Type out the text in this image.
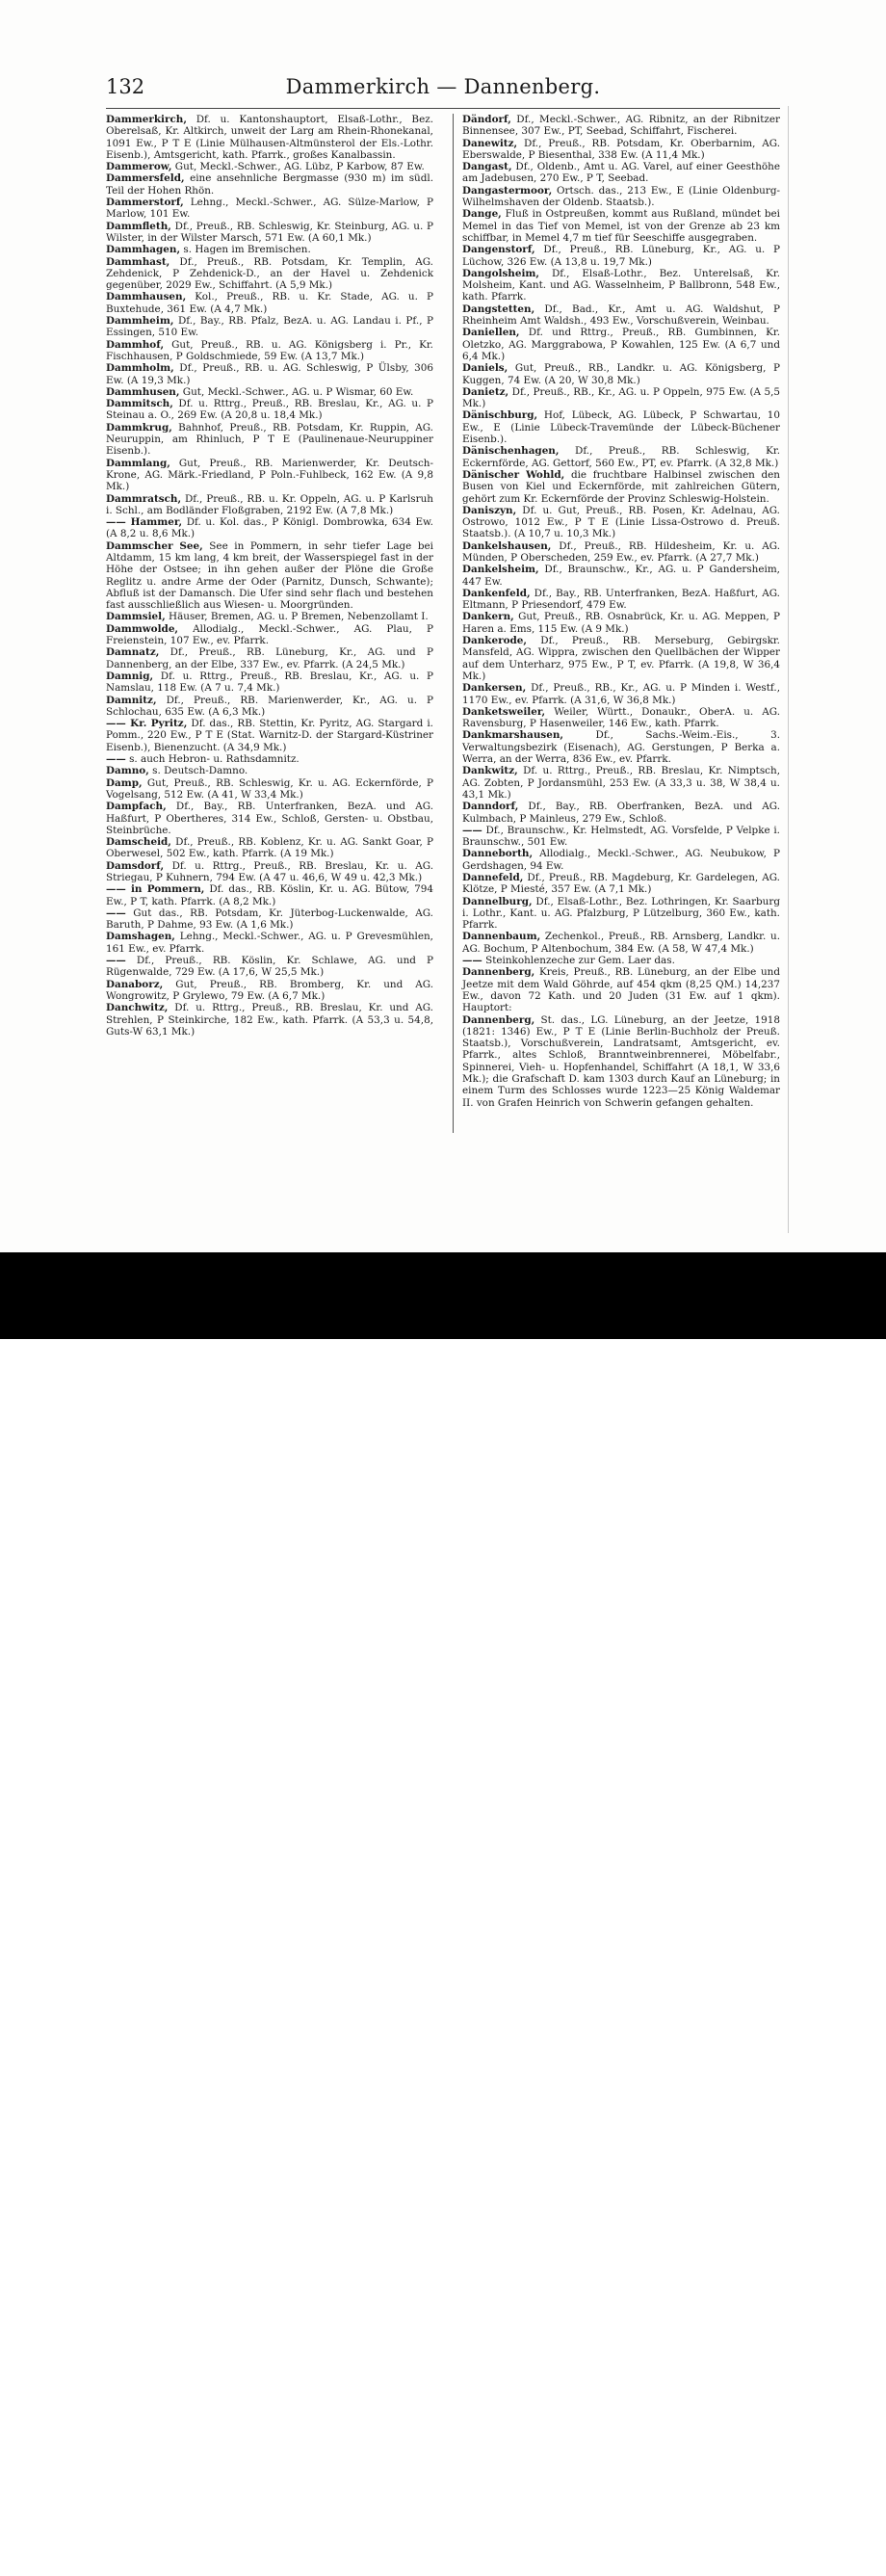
132	Dammerkirch — Dannenberg.

Dammerkirch, Df. u. Kantonshauptort, Elsaß-Lothr., Bez. Oberelsaß, Kr. Altkirch, unweit der Larg am Rhein-Rhonekanal, 1091 Ew., P T E (Linie Mülhausen-Altmünsterol der Els.-Lothr. Eisenb.), Amtsgericht, kath. Pfarrk., großes Kanalbassin.

Dammerow, Gut, Meckl.-Schwer., AG. Lübz, P Karbow, 87 Ew.

Dammersfeld, eine ansehnliche Bergmasse (930 m) im südl. Teil der Hohen Rhön.

Dammerstorf, Lehng., Meckl.-Schwer., AG. Sülze-Marlow, P Marlow, 101 Ew.

Dammfleth, Df., Preuß., RB. Schleswig, Kr. Steinburg, AG. u. P Wilster, in der Wilster Marsch, 571 Ew. (A 60,1 Mk.)

Dammhagen, s. Hagen im Bremischen.

Dammhast, Df., Preuß., RB. Potsdam, Kr. Templin, AG. Zehdenick, P Zehdenick-D., an der Havel u. Zehdenick gegenüber, 2029 Ew., Schiffahrt. (A 5,9 Mk.)

Dammhausen, Kol., Preuß., RB. u. Kr. Stade, AG. u. P Buxtehude, 361 Ew. (A 4,7 Mk.)

Dammheim, Df., Bay., RB. Pfalz, BezA. u. AG. Landau i. Pf., P Essingen, 510 Ew.

Dammhof, Gut, Preuß., RB. u. AG. Königsberg i. Pr., Kr. Fischhausen, P Goldschmiede, 59 Ew. (A 13,7 Mk.)

Dammholm, Df., Preuß., RB. u. AG. Schleswig, P Ülsby, 306 Ew. (A 19,3 Mk.)

Dammhusen, Gut, Meckl.-Schwer., AG. u. P Wismar, 60 Ew.

Dammitsch, Df. u. Rttrg., Preuß., RB. Breslau, Kr., AG. u. P Steinau a. O., 269 Ew. (A 20,8 u. 18,4 Mk.)

Dammkrug, Bahnhof, Preuß., RB. Potsdam, Kr. Ruppin, AG. Neuruppin, am Rhinluch, P T E (Paulinenaue-Neuruppiner Eisenb.).

Dammlang, Gut, Preuß., RB. Marienwerder, Kr. Deutsch-Krone, AG. Märk.-Friedland, P Poln.-Fuhlbeck, 162 Ew. (A 9,8 Mk.)

Dammratsch, Df., Preuß., RB. u. Kr. Oppeln, AG. u. P Karlsruh i. Schl., am Bodländer Floßgraben, 2192 Ew. (A 7,8 Mk.)

—— Hammer, Df. u. Kol. das., P Königl. Dombrowka, 634 Ew. (A 8,2 u. 8,6 Mk.)

Dammscher See, See in Pommern, in sehr tiefer Lage bei Altdamm, 15 km lang, 4 km breit, der Wasserspiegel fast in der Höhe der Ostsee; in ihn gehen außer der Plöne die Große Reglitz u. andre Arme der Oder (Parnitz, Dunsch, Schwante); Abfluß ist der Damansch. Die Ufer sind sehr flach und bestehen fast ausschließlich aus Wiesen- u. Moorgründen.

Dammsiel, Häuser, Bremen, AG. u. P Bremen, Nebenzollamt I.

Dammwolde, Allodialg., Meckl.-Schwer., AG. Plau, P Freienstein, 107 Ew., ev. Pfarrk.

Damnatz, Df., Preuß., RB. Lüneburg, Kr., AG. und P Dannenberg, an der Elbe, 337 Ew., ev. Pfarrk. (A 24,5 Mk.)

Damnig, Df. u. Rttrg., Preuß., RB. Breslau, Kr., AG. u. P Namslau, 118 Ew. (A 7 u. 7,4 Mk.)

Damnitz, Df., Preuß., RB. Marienwerder, Kr., AG. u. P Schlochau, 635 Ew. (A 6,3 Mk.)

—— Kr. Pyritz, Df. das., RB. Stettin, Kr. Pyritz, AG. Stargard i. Pomm., 220 Ew., P T E (Stat. Warnitz-D. der Stargard-Küstriner Eisenb.), Bienenzucht. (A 34,9 Mk.)

—— s. auch Hebron- u. Rathsdamnitz.

Damno, s. Deutsch-Damno.

Damp, Gut, Preuß., RB. Schleswig, Kr. u. AG. Eckernförde, P Vogelsang, 512 Ew. (A 41, W 33,4 Mk.)

Dampfach, Df., Bay., RB. Unterfranken, BezA. und AG. Haßfurt, P Obertheres, 314 Ew., Schloß, Gersten- u. Obstbau, Steinbrüche.

Damscheid, Df., Preuß., RB. Koblenz, Kr. u. AG. Sankt Goar, P Oberwesel, 502 Ew., kath. Pfarrk. (A 19 Mk.)

Damsdorf, Df. u. Rttrg., Preuß., RB. Breslau, Kr. u. AG. Striegau, P Kuhnern, 794 Ew. (A 47 u. 46,6, W 49 u. 42,3 Mk.)

—— in Pommern, Df. das., RB. Köslin, Kr. u. AG. Bütow, 794 Ew., P T, kath. Pfarrk. (A 8,2 Mk.)

—— Gut das., RB. Potsdam, Kr. Jüterbog-Luckenwalde, AG. Baruth, P Dahme, 93 Ew. (A 1,6 Mk.)

Damshagen, Lehng., Meckl.-Schwer., AG. u. P Grevesmühlen, 161 Ew., ev. Pfarrk.

—— Df., Preuß., RB. Köslin, Kr. Schlawe, AG. und P Rügenwalde, 729 Ew. (A 17,6, W 25,5 Mk.)

Danaborz, Gut, Preuß., RB. Bromberg, Kr. und AG. Wongrowitz, P Grylewo, 79 Ew. (A 6,7 Mk.)

Danchwitz, Df. u. Rttrg., Preuß., RB. Breslau, Kr. und AG. Strehlen, P Steinkirche, 182 Ew., kath. Pfarrk. (A 53,3 u. 54,8, Guts-W 63,1 Mk.)

Dändorf, Df., Meckl.-Schwer., AG. Ribnitz, an der Ribnitzer Binnensee, 307 Ew., PT, Seebad, Schiffahrt, Fischerei.

Danewitz, Df., Preuß., RB. Potsdam, Kr. Oberbarnim, AG. Eberswalde, P Biesenthal, 338 Ew. (A 11,4 Mk.)

Dangast, Df., Oldenb., Amt u. AG. Varel, auf einer Geesthöhe am Jadebusen, 270 Ew., P T, Seebad.

Dangastermoor, Ortsch. das., 213 Ew., E (Linie Oldenburg-Wilhelmshaven der Oldenb. Staatsb.).

Dange, Fluß in Ostpreußen, kommt aus Rußland, mündet bei Memel in das Tief von Memel, ist von der Grenze ab 23 km schiffbar, in Memel 4,7 m tief für Seeschiffe ausgegraben.

Dangenstorf, Df., Preuß., RB. Lüneburg, Kr., AG. u. P Lüchow, 326 Ew. (A 13,8 u. 19,7 Mk.)

Dangolsheim, Df., Elsaß-Lothr., Bez. Unterelsaß, Kr. Molsheim, Kant. und AG. Wasselnheim, P Ballbronn, 548 Ew., kath. Pfarrk.

Dangstetten, Df., Bad., Kr., Amt u. AG. Waldshut, P Rheinheim Amt Waldsh., 493 Ew., Vorschußverein, Weinbau.

Daniellen, Df. und Rttrg., Preuß., RB. Gumbinnen, Kr. Oletzko, AG. Marggrabowa, P Kowahlen, 125 Ew. (A 6,7 und 6,4 Mk.)

Daniels, Gut, Preuß., RB., Landkr. u. AG. Königsberg, P Kuggen, 74 Ew. (A 20, W 30,8 Mk.)

Danietz, Df., Preuß., RB., Kr., AG. u. P Oppeln, 975 Ew. (A 5,5 Mk.)

Dänischburg, Hof, Lübeck, AG. Lübeck, P Schwartau, 10 Ew., E (Linie Lübeck-Travemünde der Lübeck-Büchener Eisenb.).

Dänischenhagen, Df., Preuß., RB. Schleswig, Kr. Eckernförde, AG. Gettorf, 560 Ew., PT, ev. Pfarrk. (A 32,8 Mk.)

Dänischer Wohld, die fruchtbare Halbinsel zwischen den Busen von Kiel und Eckernförde, mit zahlreichen Gütern, gehört zum Kr. Eckernförde der Provinz Schleswig-Holstein.

Daniszyn, Df. u. Gut, Preuß., RB. Posen, Kr. Adelnau, AG. Ostrowo, 1012 Ew., P T E (Linie Lissa-Ostrowo d. Preuß. Staatsb.). (A 10,7 u. 10,3 Mk.)

Dankelshausen, Df., Preuß., RB. Hildesheim, Kr. u. AG. Münden, P Oberscheden, 259 Ew., ev. Pfarrk. (A 27,7 Mk.)

Dankelsheim, Df., Braunschw., Kr., AG. u. P Gandersheim, 447 Ew.

Dankenfeld, Df., Bay., RB. Unterfranken, BezA. Haßfurt, AG. Eltmann, P Priesendorf, 479 Ew.

Dankern, Gut, Preuß., RB. Osnabrück, Kr. u. AG. Meppen, P Haren a. Ems, 115 Ew. (A 9 Mk.)

Dankerode, Df., Preuß., RB. Merseburg, Gebirgskr. Mansfeld, AG. Wippra, zwischen den Quellbächen der Wipper auf dem Unterharz, 975 Ew., P T, ev. Pfarrk. (A 19,8, W 36,4 Mk.)

Dankersen, Df., Preuß., RB., Kr., AG. u. P Minden i. Westf., 1170 Ew., ev. Pfarrk. (A 31,6, W 36,8 Mk.)

Danketsweiler, Weiler, Württ., Donaukr., OberA. u. AG. Ravensburg, P Hasenweiler, 146 Ew., kath. Pfarrk.

Dankmarshausen, Df., Sachs.-Weim.-Eis., 3. Verwaltungsbezirk (Eisenach), AG. Gerstungen, P Berka a. Werra, an der Werra, 836 Ew., ev. Pfarrk.

Dankwitz, Df. u. Rttrg., Preuß., RB. Breslau, Kr. Nimptsch, AG. Zobten, P Jordansmühl, 253 Ew. (A 33,3 u. 38, W 38,4 u. 43,1 Mk.)

Danndorf, Df., Bay., RB. Oberfranken, BezA. und AG. Kulmbach, P Mainleus, 279 Ew., Schloß.

—— Df., Braunschw., Kr. Helmstedt, AG. Vorsfelde, P Velpke i. Braunschw., 501 Ew.

Danneborth, Allodialg., Meckl.-Schwer., AG. Neubukow, P Gerdshagen, 94 Ew.

Dannefeld, Df., Preuß., RB. Magdeburg, Kr. Gardelegen, AG. Klötze, P Miesté, 357 Ew. (A 7,1 Mk.)

Dannelburg, Df., Elsaß-Lothr., Bez. Lothringen, Kr. Saarburg i. Lothr., Kant. u. AG. Pfalzburg, P Lützelburg, 360 Ew., kath. Pfarrk.

Dannenbaum, Zechenkol., Preuß., RB. Arnsberg, Landkr. u. AG. Bochum, P Altenbochum, 384 Ew. (A 58, W 47,4 Mk.)

—— Steinkohlenzeche zur Gem. Laer das.

Dannenberg, Kreis, Preuß., RB. Lüneburg, an der Elbe und Jeetze mit dem Wald Göhrde, auf 454 qkm (8,25 QM.) 14,237 Ew., davon 72 Kath. und 20 Juden (31 Ew. auf 1 qkm). Hauptort:

Dannenberg, St. das., LG. Lüneburg, an der Jeetze, 1918 (1821: 1346) Ew., P T E (Linie Berlin-Buchholz der Preuß. Staatsb.), Vorschußverein, Landratsamt, Amtsgericht, ev. Pfarrk., altes Schloß, Branntweinbrennerei, Möbelfabr., Spinnerei, Vieh- u. Hopfenhandel, Schiffahrt (A 18,1, W 33,6 Mk.); die Grafschaft D. kam 1303 durch Kauf an Lüneburg; in einem Turm des Schlosses wurde 1223—25 König Waldemar II. von Grafen Heinrich von Schwerin gefangen gehalten.

alamy	www.alamy.com
J37NTC
